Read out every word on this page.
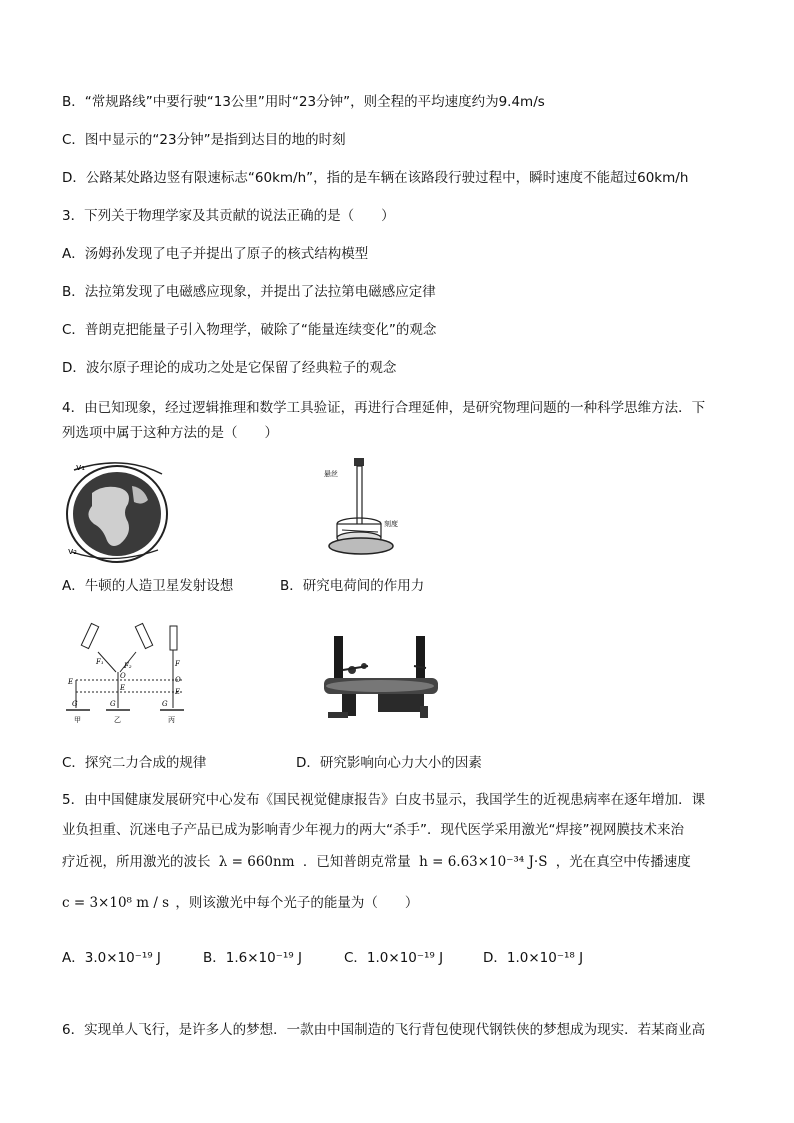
B．“常规路线”中要行驶“13公里”用时“23分钟”，则全程的平均速度约为9.4m/s
C．图中显示的“23分钟”是指到达目的地的时刻
D．公路某处路边竖有限速标志“60km/h”，指的是车辆在该路段行驶过程中，瞬时速度不能超过60km/h
3．下列关于物理学家及其贡献的说法正确的是（　　）
A．汤姆孙发现了电子并提出了原子的核式结构模型
B．法拉第发现了电磁感应现象，并提出了法拉第电磁感应定律
C．普朗克把能量子引入物理学，破除了“能量连续变化”的观念
D．波尔原子理论的成功之处是它保留了经典粒子的观念
4．由已知现象，经过逻辑推理和数学工具验证，再进行合理延伸，是研究物理问题的一种科学思维方法．下
列选项中属于这种方法的是（　　）
v₁
v₂
悬丝
刻度
A．牛顿的人造卫星发射设想	B．研究电荷间的作用力
F₁	F₂	F
O
E
E	E
O
G	G	G
甲	乙	丙
C．探究二力合成的规律	D．研究影响向心力大小的因素
5．由中国健康发展研究中心发布《国民视觉健康报告》白皮书显示，我国学生的近视患病率在逐年增加．课
业负担重、沉迷电子产品已成为影响青少年视力的两大“杀手”．现代医学采用激光“焊接”视网膜技术来治
疗近视，所用激光的波长 λ = 660nm ．已知普朗克常量 h = 6.63×10⁻³⁴ J·S ，光在真空中传播速度
c = 3×10⁸ m / s ，则该激光中每个光子的能量为（　　）
A．3.0×10⁻¹⁹ J	B．1.6×10⁻¹⁹ J	C．1.0×10⁻¹⁹ J	D．1.0×10⁻¹⁸ J
6．实现单人飞行，是许多人的梦想．一款由中国制造的飞行背包使现代钢铁侠的梦想成为现实．若某商业高
